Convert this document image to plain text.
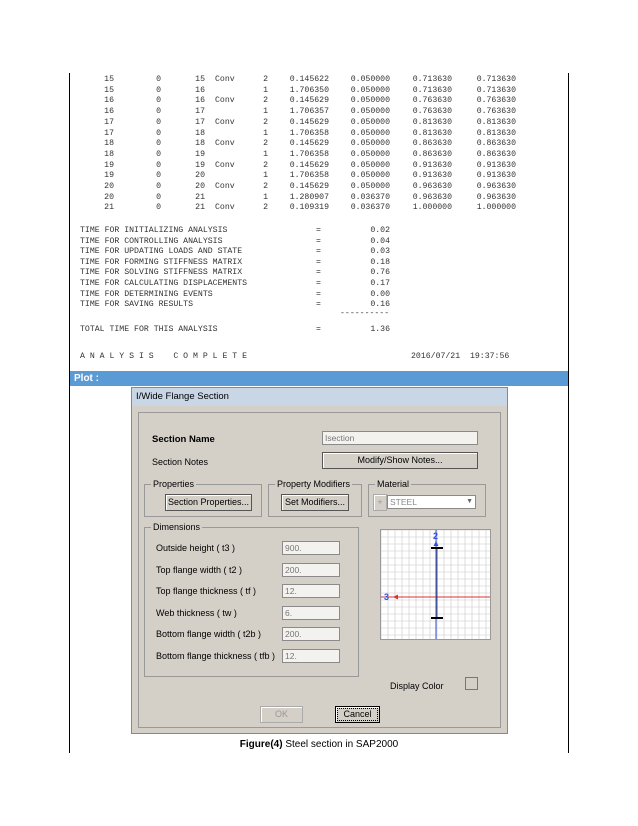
15	0	15 Conv	2	0.145622	0.050000	0.713630	0.713630
15	0	16	1	1.706350	0.050000	0.713630	0.713630
16	0	16 Conv	2	0.145629	0.050000	0.763630	0.763630
16	0	17	1	1.706357	0.050000	0.763630	0.763630
17	0	17 Conv	2	0.145629	0.050000	0.813630	0.813630
17	0	18	1	1.706358	0.050000	0.813630	0.813630
18	0	18 Conv	2	0.145629	0.050000	0.863630	0.863630
18	0	19	1	1.706358	0.050000	0.863630	0.863630
19	0	19 Conv	2	0.145629	0.050000	0.913630	0.913630
19	0	20	1	1.706358	0.050000	0.913630	0.913630
20	0	20 Conv	2	0.145629	0.050000	0.963630	0.963630
20	0	21	1	1.280907	0.036370	0.963630	0.963630
21	0	21 Conv	2	0.109319	0.036370	1.000000	1.000000
TIME FOR INITIALIZING ANALYSIS	=	0.02
TIME FOR CONTROLLING ANALYSIS	=	0.04
TIME FOR UPDATING LOADS AND STATE	=	0.03
TIME FOR FORMING STIFFNESS MATRIX	=	0.18
TIME FOR SOLVING STIFFNESS MATRIX	=	0.76
TIME FOR CALCULATING DISPLACEMENTS	=	0.17
TIME FOR DETERMINING EVENTS	=	0.00
TIME FOR SAVING RESULTS	=	0.16
----------
TOTAL TIME FOR THIS ANALYSIS	=	1.36
A N A L Y S I S    C O M P L E T E	2016/07/21  19:37:56
Plot :
I/Wide Flange Section
Section Name	Isection
Section Notes	Modify/Show Notes...
Properties
Section Properties...
Property Modifiers
Set Modifiers...
Material
+ STEEL	▼
Dimensions
Outside height ( t3 )	900.
Top flange width ( t2 )	200.
Top flange thickness ( tf )	12.
Web thickness ( tw )	6.
Bottom flange width ( t2b )	200.
Bottom flange thickness ( tfb )	12.
2
3
Display Color
OK	Cancel
Figure(4) Steel section in SAP2000
